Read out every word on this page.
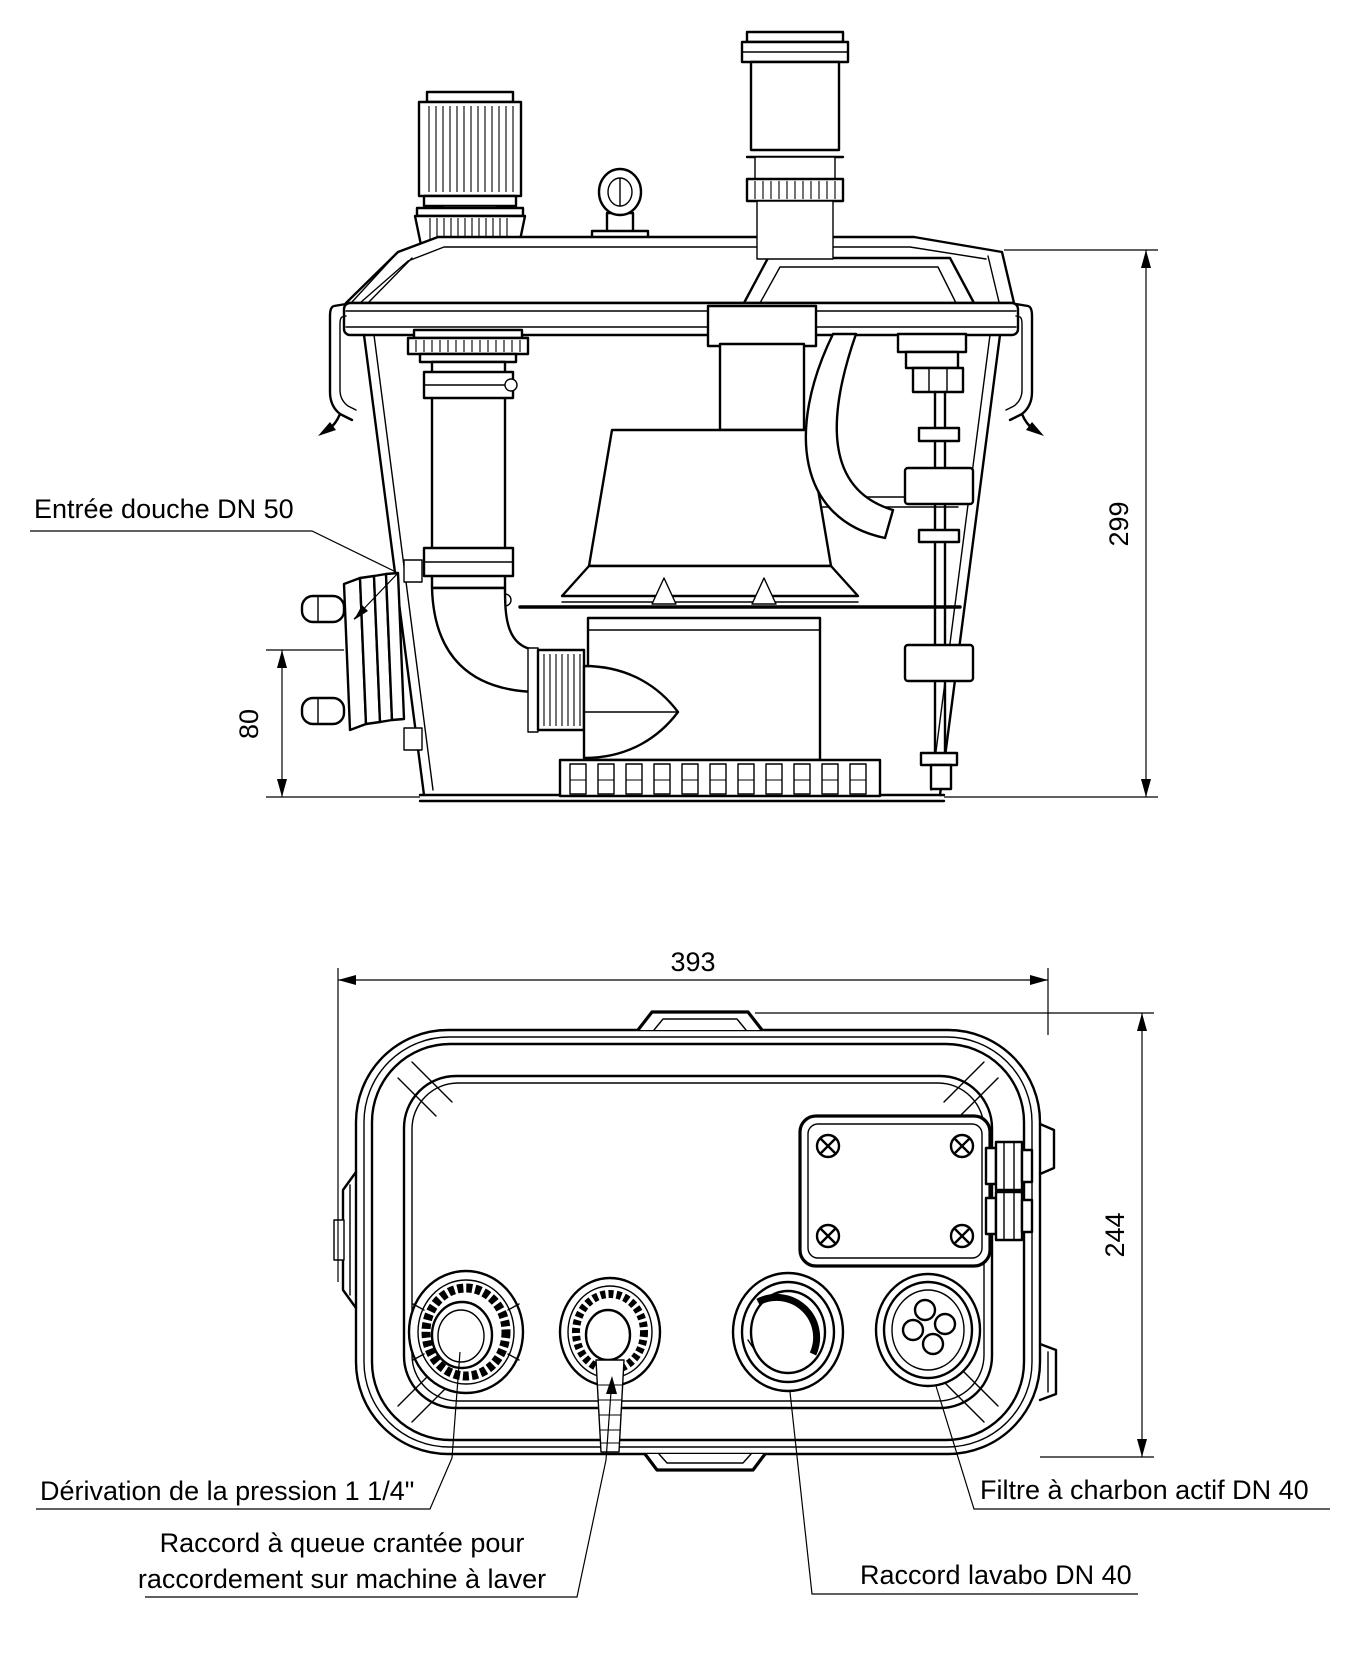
299
80
Entrée douche DN 50
393
244
Dérivation de la pression 1 1/4"
Raccord à queue crantée pour
raccordement sur machine à laver
Filtre à charbon actif DN 40
Raccord lavabo DN 40
